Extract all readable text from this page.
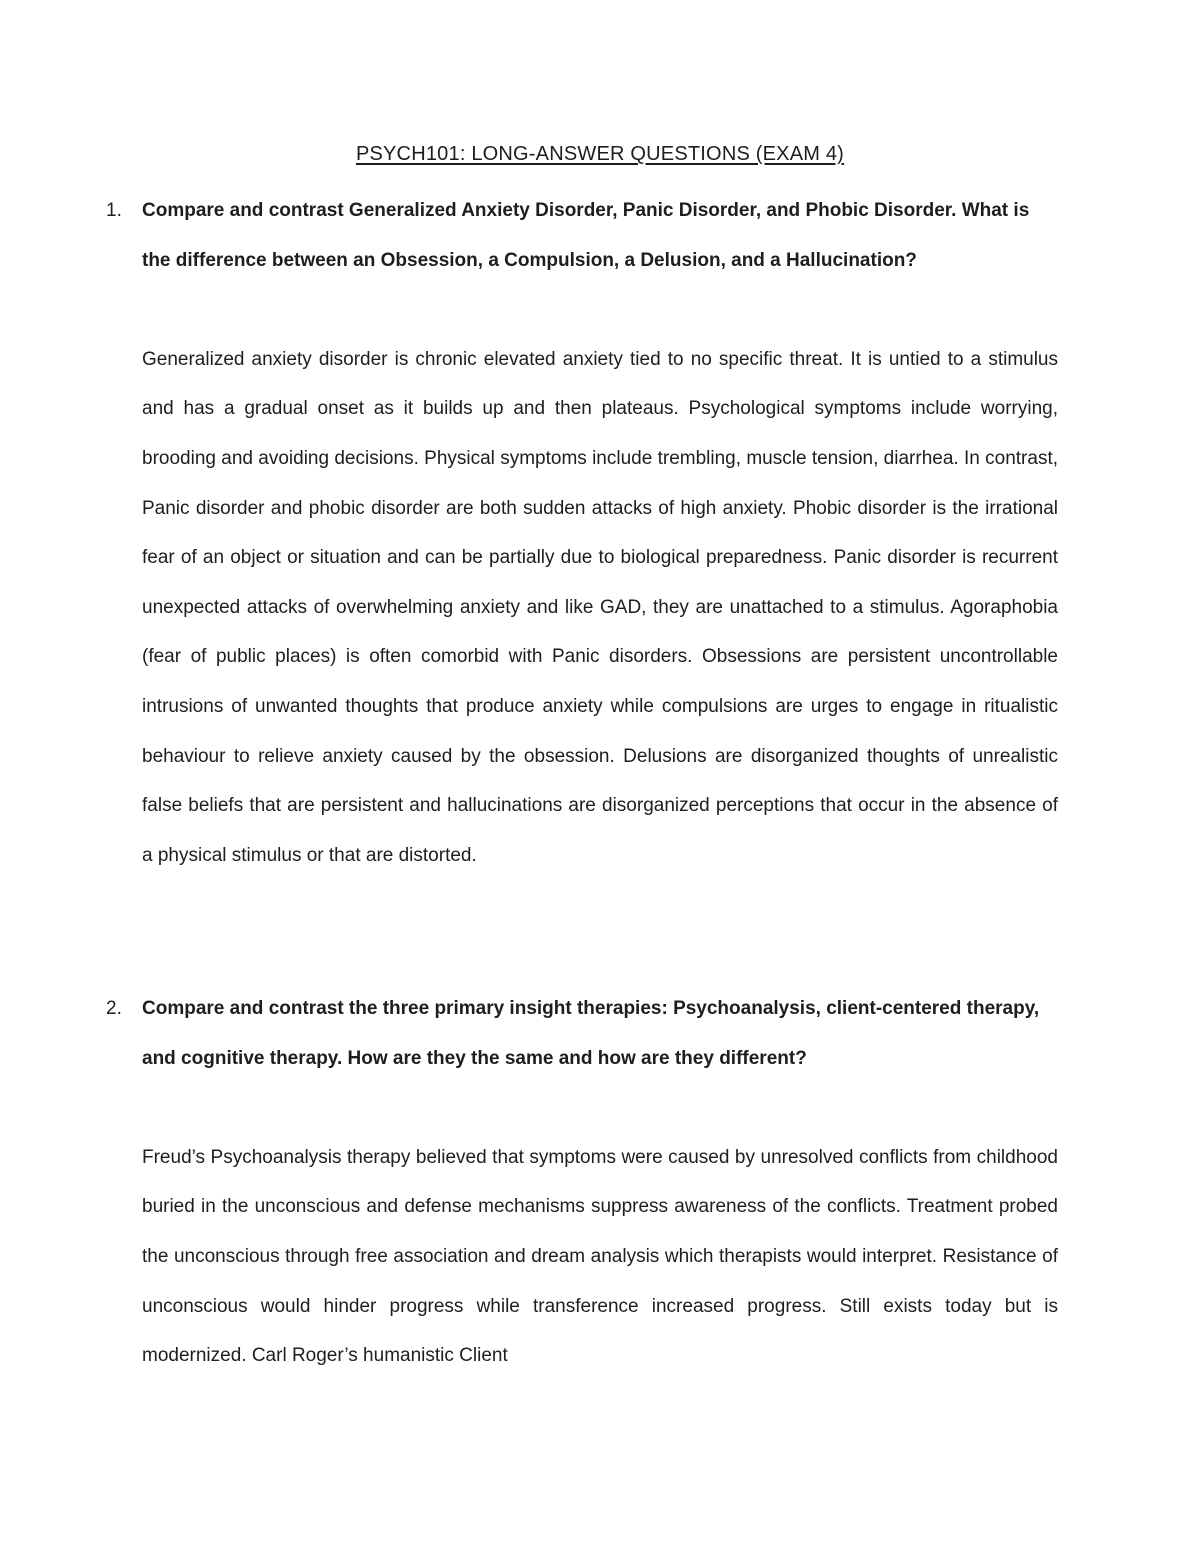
PSYCH101: LONG-ANSWER QUESTIONS (EXAM 4)
1. Compare and contrast Generalized Anxiety Disorder, Panic Disorder, and Phobic Disorder. What is the difference between an Obsession, a Compulsion, a Delusion, and a Hallucination?

Generalized anxiety disorder is chronic elevated anxiety tied to no specific threat. It is untied to a stimulus and has a gradual onset as it builds up and then plateaus. Psychological symptoms include worrying, brooding and avoiding decisions. Physical symptoms include trembling, muscle tension, diarrhea. In contrast, Panic disorder and phobic disorder are both sudden attacks of high anxiety. Phobic disorder is the irrational fear of an object or situation and can be partially due to biological preparedness. Panic disorder is recurrent unexpected attacks of overwhelming anxiety and like GAD, they are unattached to a stimulus. Agoraphobia (fear of public places) is often comorbid with Panic disorders. Obsessions are persistent uncontrollable intrusions of unwanted thoughts that produce anxiety while compulsions are urges to engage in ritualistic behaviour to relieve anxiety caused by the obsession. Delusions are disorganized thoughts of unrealistic false beliefs that are persistent and hallucinations are disorganized perceptions that occur in the absence of a physical stimulus or that are distorted.

2. Compare and contrast the three primary insight therapies: Psychoanalysis, client-centered therapy, and cognitive therapy. How are they the same and how are they different?

Freud’s Psychoanalysis therapy believed that symptoms were caused by unresolved conflicts from childhood buried in the unconscious and defense mechanisms suppress awareness of the conflicts. Treatment probed the unconscious through free association and dream analysis which therapists would interpret. Resistance of unconscious would hinder progress while transference increased progress. Still exists today but is modernized. Carl Roger’s humanistic Client
